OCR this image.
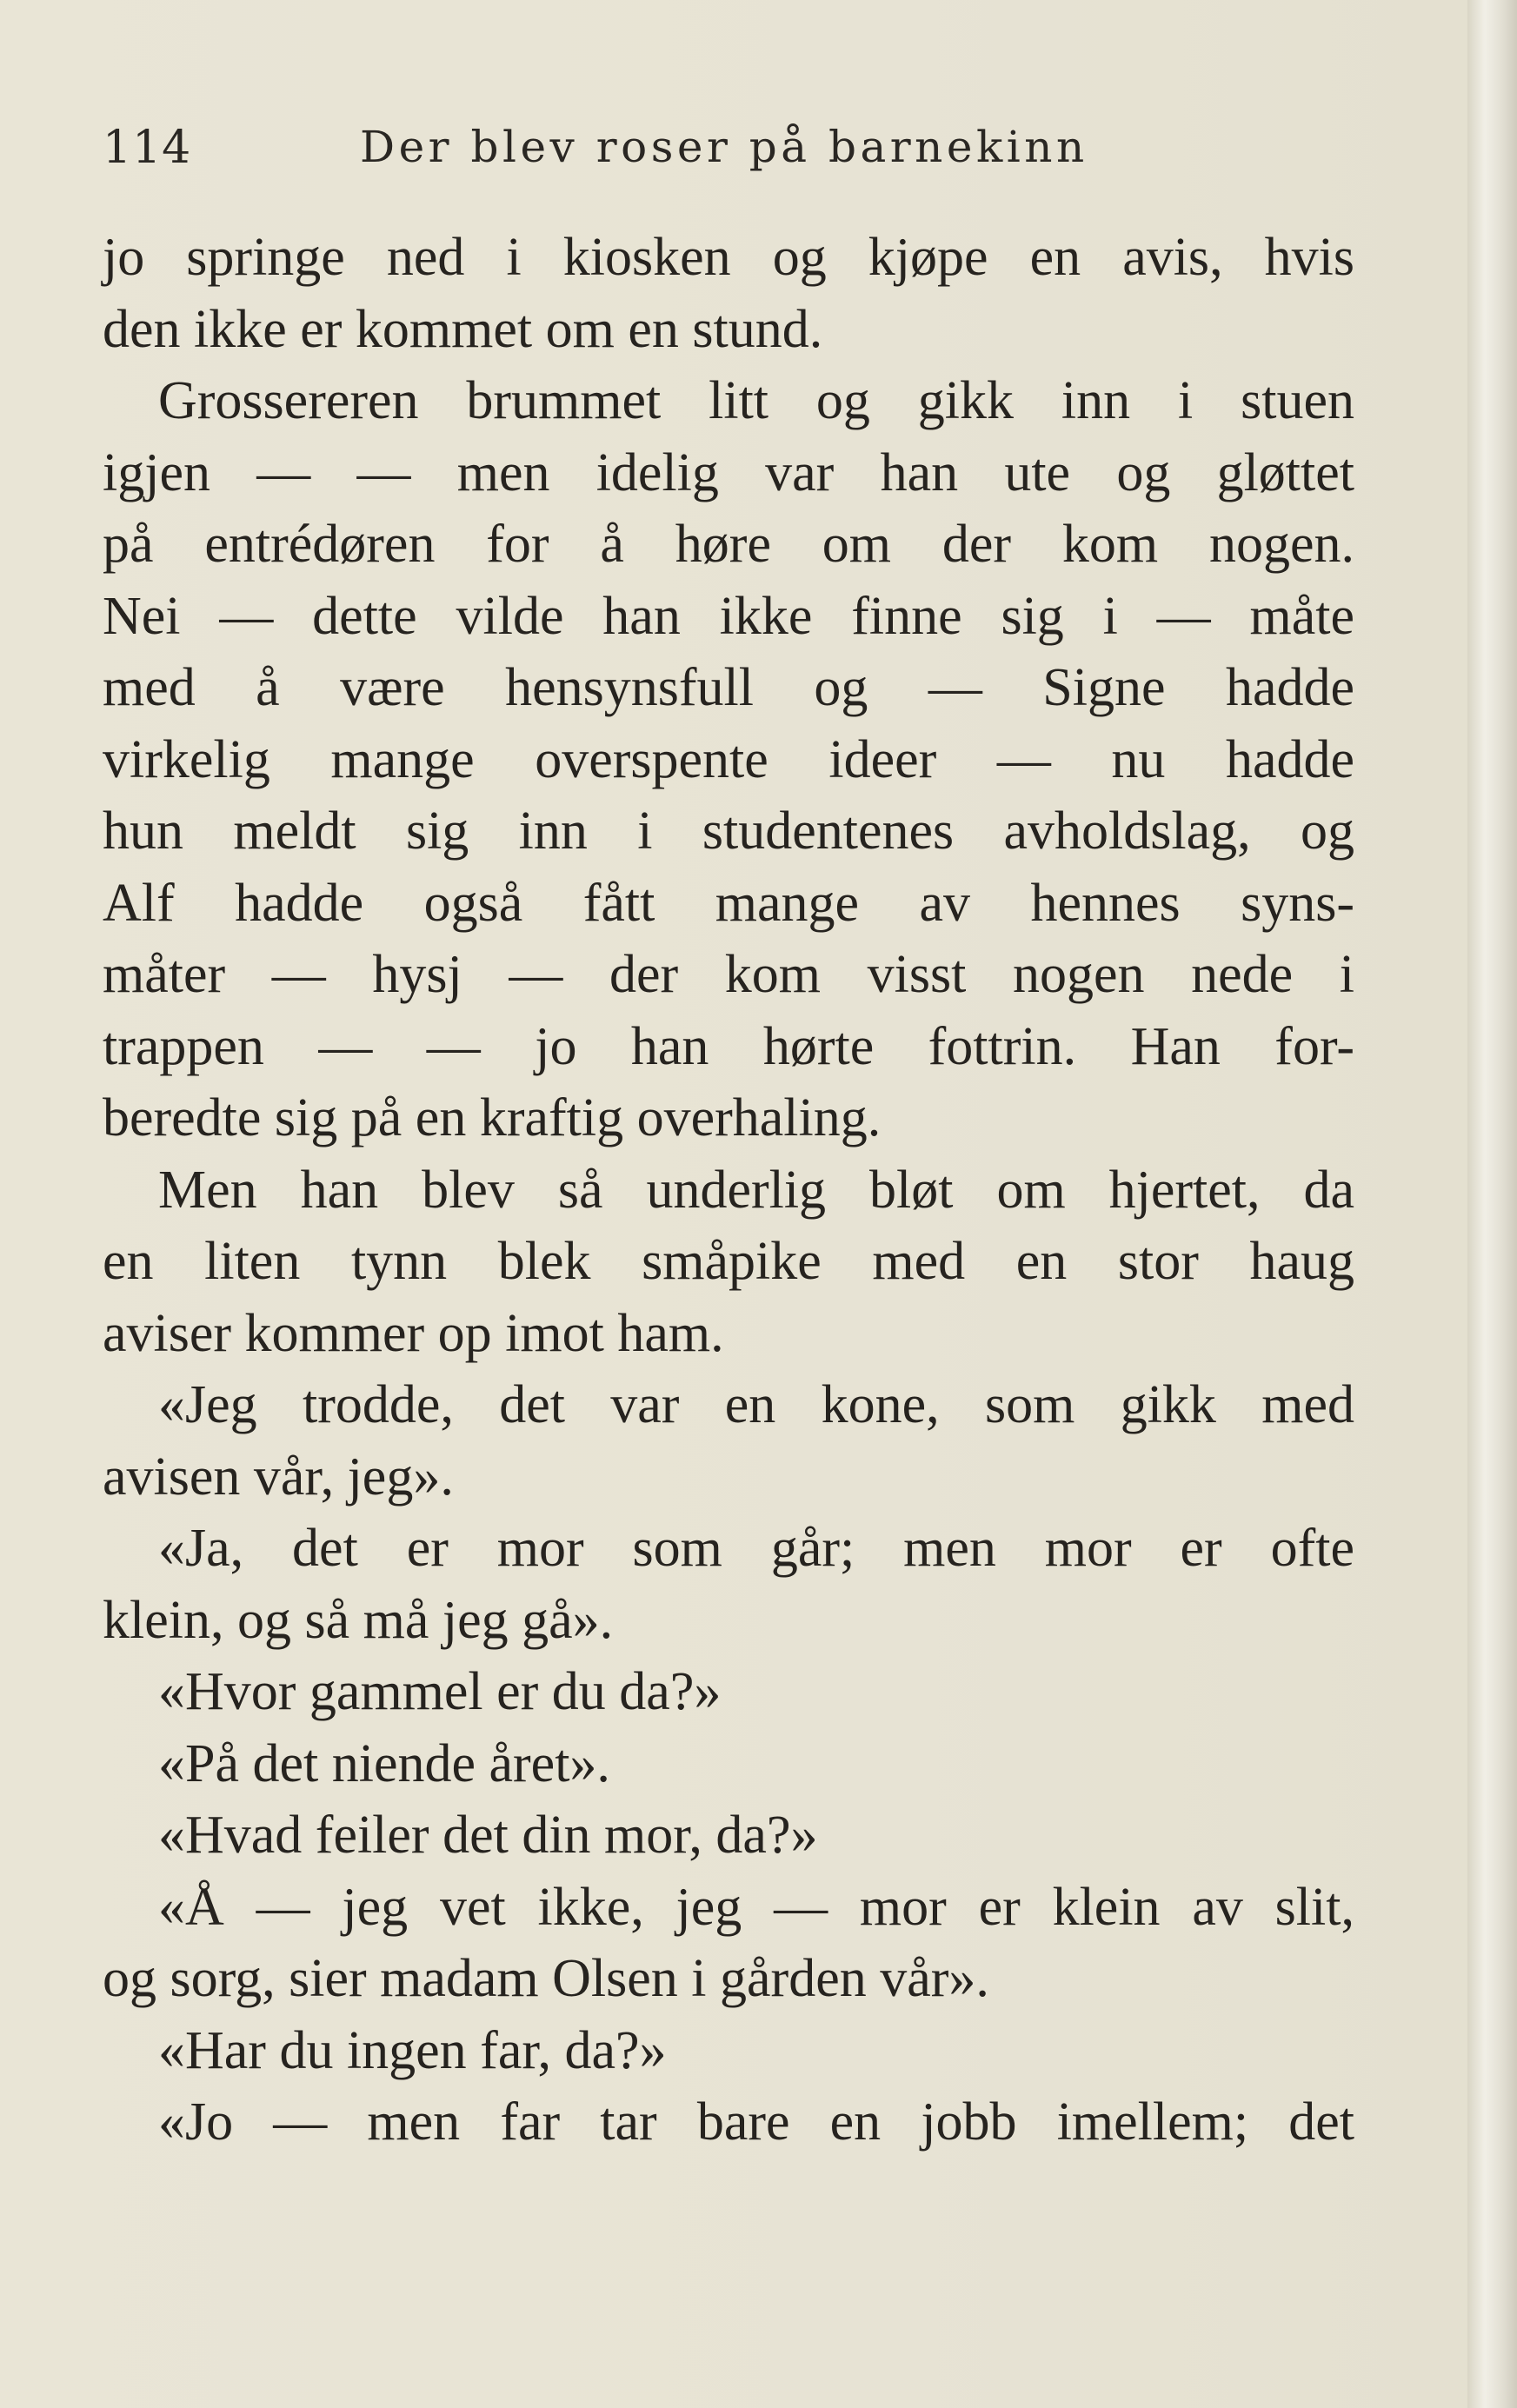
114	Der blev roser på barnekinn
jo springe ned i kiosken og kjøpe en avis, hvis
den ikke er kommet om en stund.
Grossereren brummet litt og gikk inn i stuen
igjen — — men idelig var han ute og gløttet
på entrédøren for å høre om der kom nogen.
Nei — dette vilde han ikke finne sig i — måte
med å være hensynsfull og — Signe hadde
virkelig mange overspente ideer — nu hadde
hun meldt sig inn i studentenes avholdslag, og
Alf hadde også fått mange av hennes syns-
måter — hysj — der kom visst nogen nede i
trappen — — jo han hørte fottrin. Han for-
beredte sig på en kraftig overhaling.
Men han blev så underlig bløt om hjertet, da
en liten tynn blek småpike med en stor haug
aviser kommer op imot ham.
«Jeg trodde, det var en kone, som gikk med
avisen vår, jeg».
«Ja, det er mor som går; men mor er ofte
klein, og så må jeg gå».
«Hvor gammel er du da?»
«På det niende året».
«Hvad feiler det din mor, da?»
«Å — jeg vet ikke, jeg — mor er klein av slit,
og sorg, sier madam Olsen i gården vår».
«Har du ingen far, da?»
«Jo — men far tar bare en jobb imellem; det
